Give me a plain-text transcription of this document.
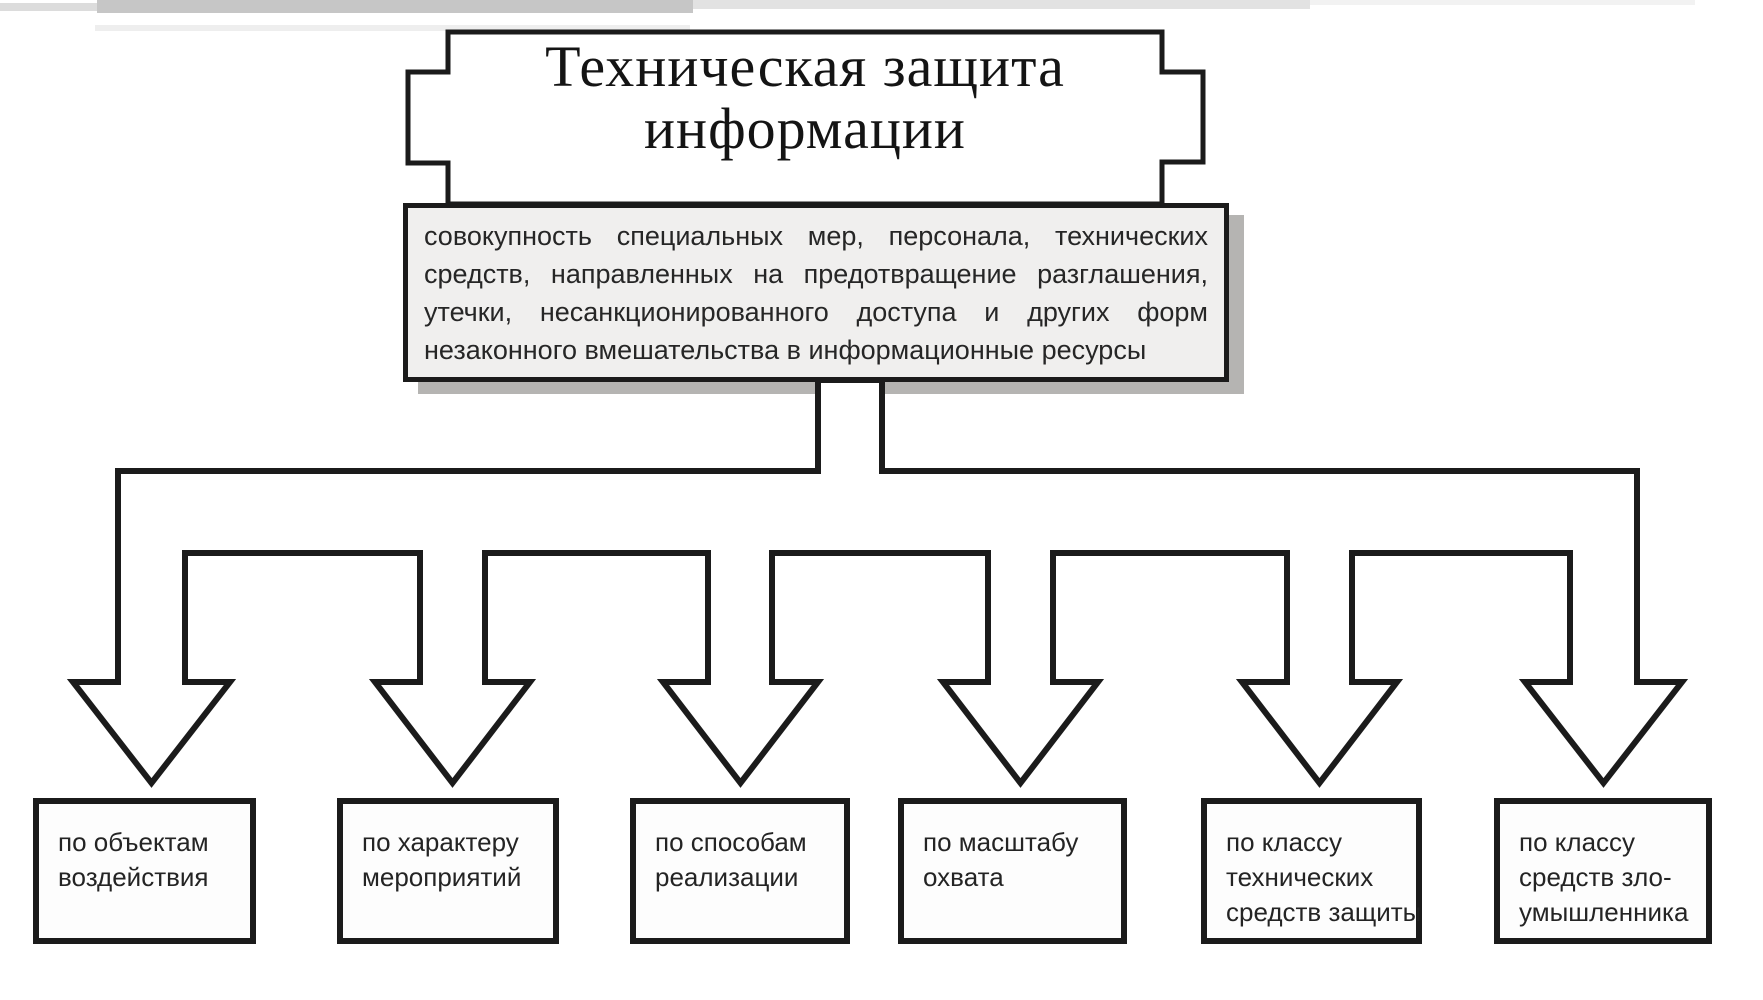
совокупность специальных мер, персонала, технических
средств, направленных на предотвращение разглашения,
утечки, несанкционированного доступа и других форм
незаконного вмешательства в информационные ресурсы
по объектам
воздействия
по характеру
мероприятий
по способам
реализации
по масштабу
охвата
по классу
технических
средств защиты
по классу
средств зло-
умышленника
Техническая защита
информации
